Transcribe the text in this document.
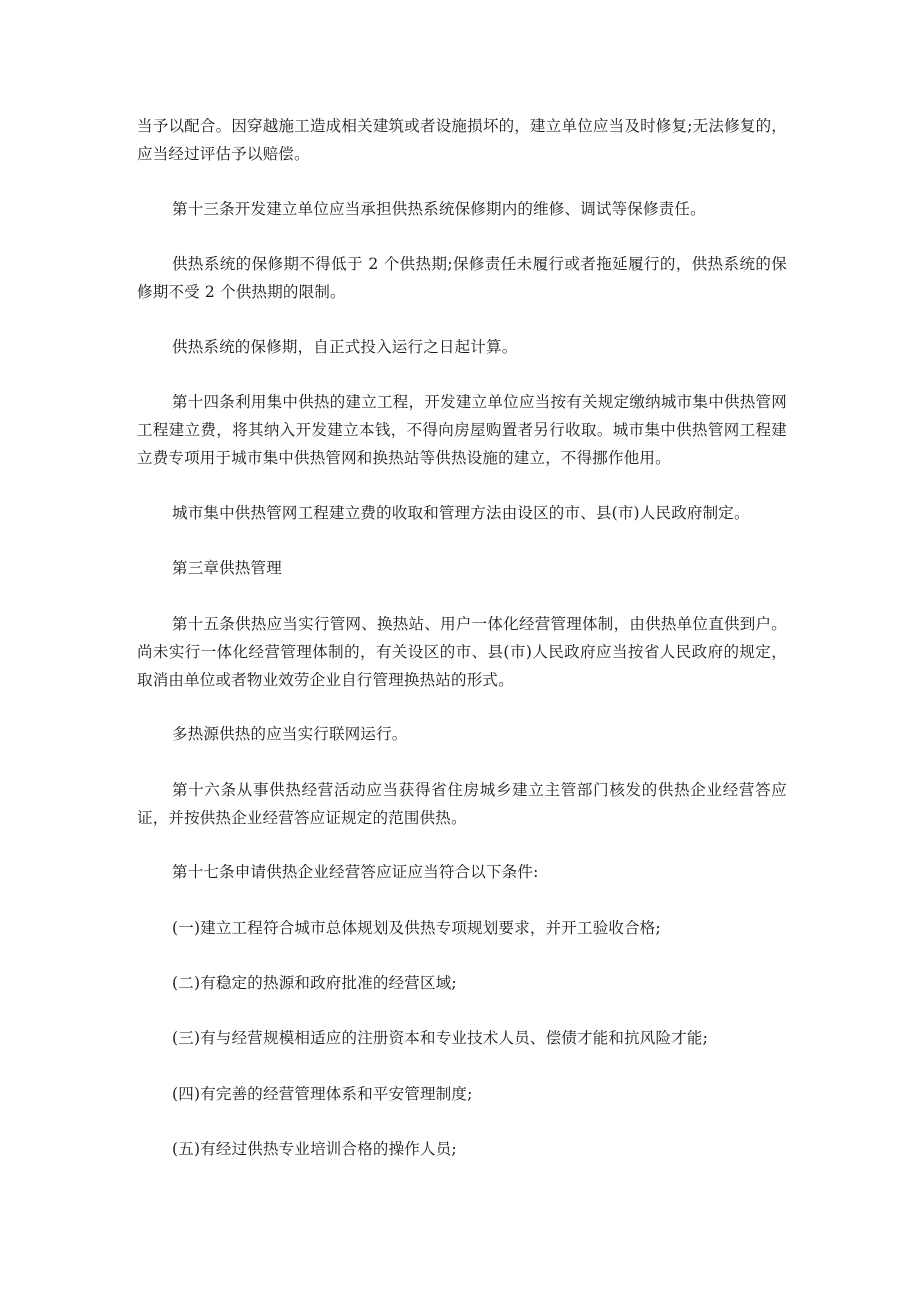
当予以配合。因穿越施工造成相关建筑或者设施损坏的，建立单位应当及时修复;无法修复的，应当经过评估予以赔偿。

第十三条开发建立单位应当承担供热系统保修期内的维修、调试等保修责任。

供热系统的保修期不得低于 2 个供热期;保修责任未履行或者拖延履行的，供热系统的保修期不受 2 个供热期的限制。

供热系统的保修期，自正式投入运行之日起计算。

第十四条利用集中供热的建立工程，开发建立单位应当按有关规定缴纳城市集中供热管网工程建立费，将其纳入开发建立本钱，不得向房屋购置者另行收取。城市集中供热管网工程建立费专项用于城市集中供热管网和换热站等供热设施的建立，不得挪作他用。

城市集中供热管网工程建立费的收取和管理方法由设区的市、县(市)人民政府制定。

第三章供热管理

第十五条供热应当实行管网、换热站、用户一体化经营管理体制，由供热单位直供到户。尚未实行一体化经营管理体制的，有关设区的市、县(市)人民政府应当按省人民政府的规定，取消由单位或者物业效劳企业自行管理换热站的形式。

多热源供热的应当实行联网运行。

第十六条从事供热经营活动应当获得省住房城乡建立主管部门核发的供热企业经营答应证，并按供热企业经营答应证规定的范围供热。

第十七条申请供热企业经营答应证应当符合以下条件:

(一)建立工程符合城市总体规划及供热专项规划要求，并开工验收合格;

(二)有稳定的热源和政府批准的经营区域;

(三)有与经营规模相适应的注册资本和专业技术人员、偿债才能和抗风险才能;

(四)有完善的经营管理体系和平安管理制度;

(五)有经过供热专业培训合格的操作人员;
